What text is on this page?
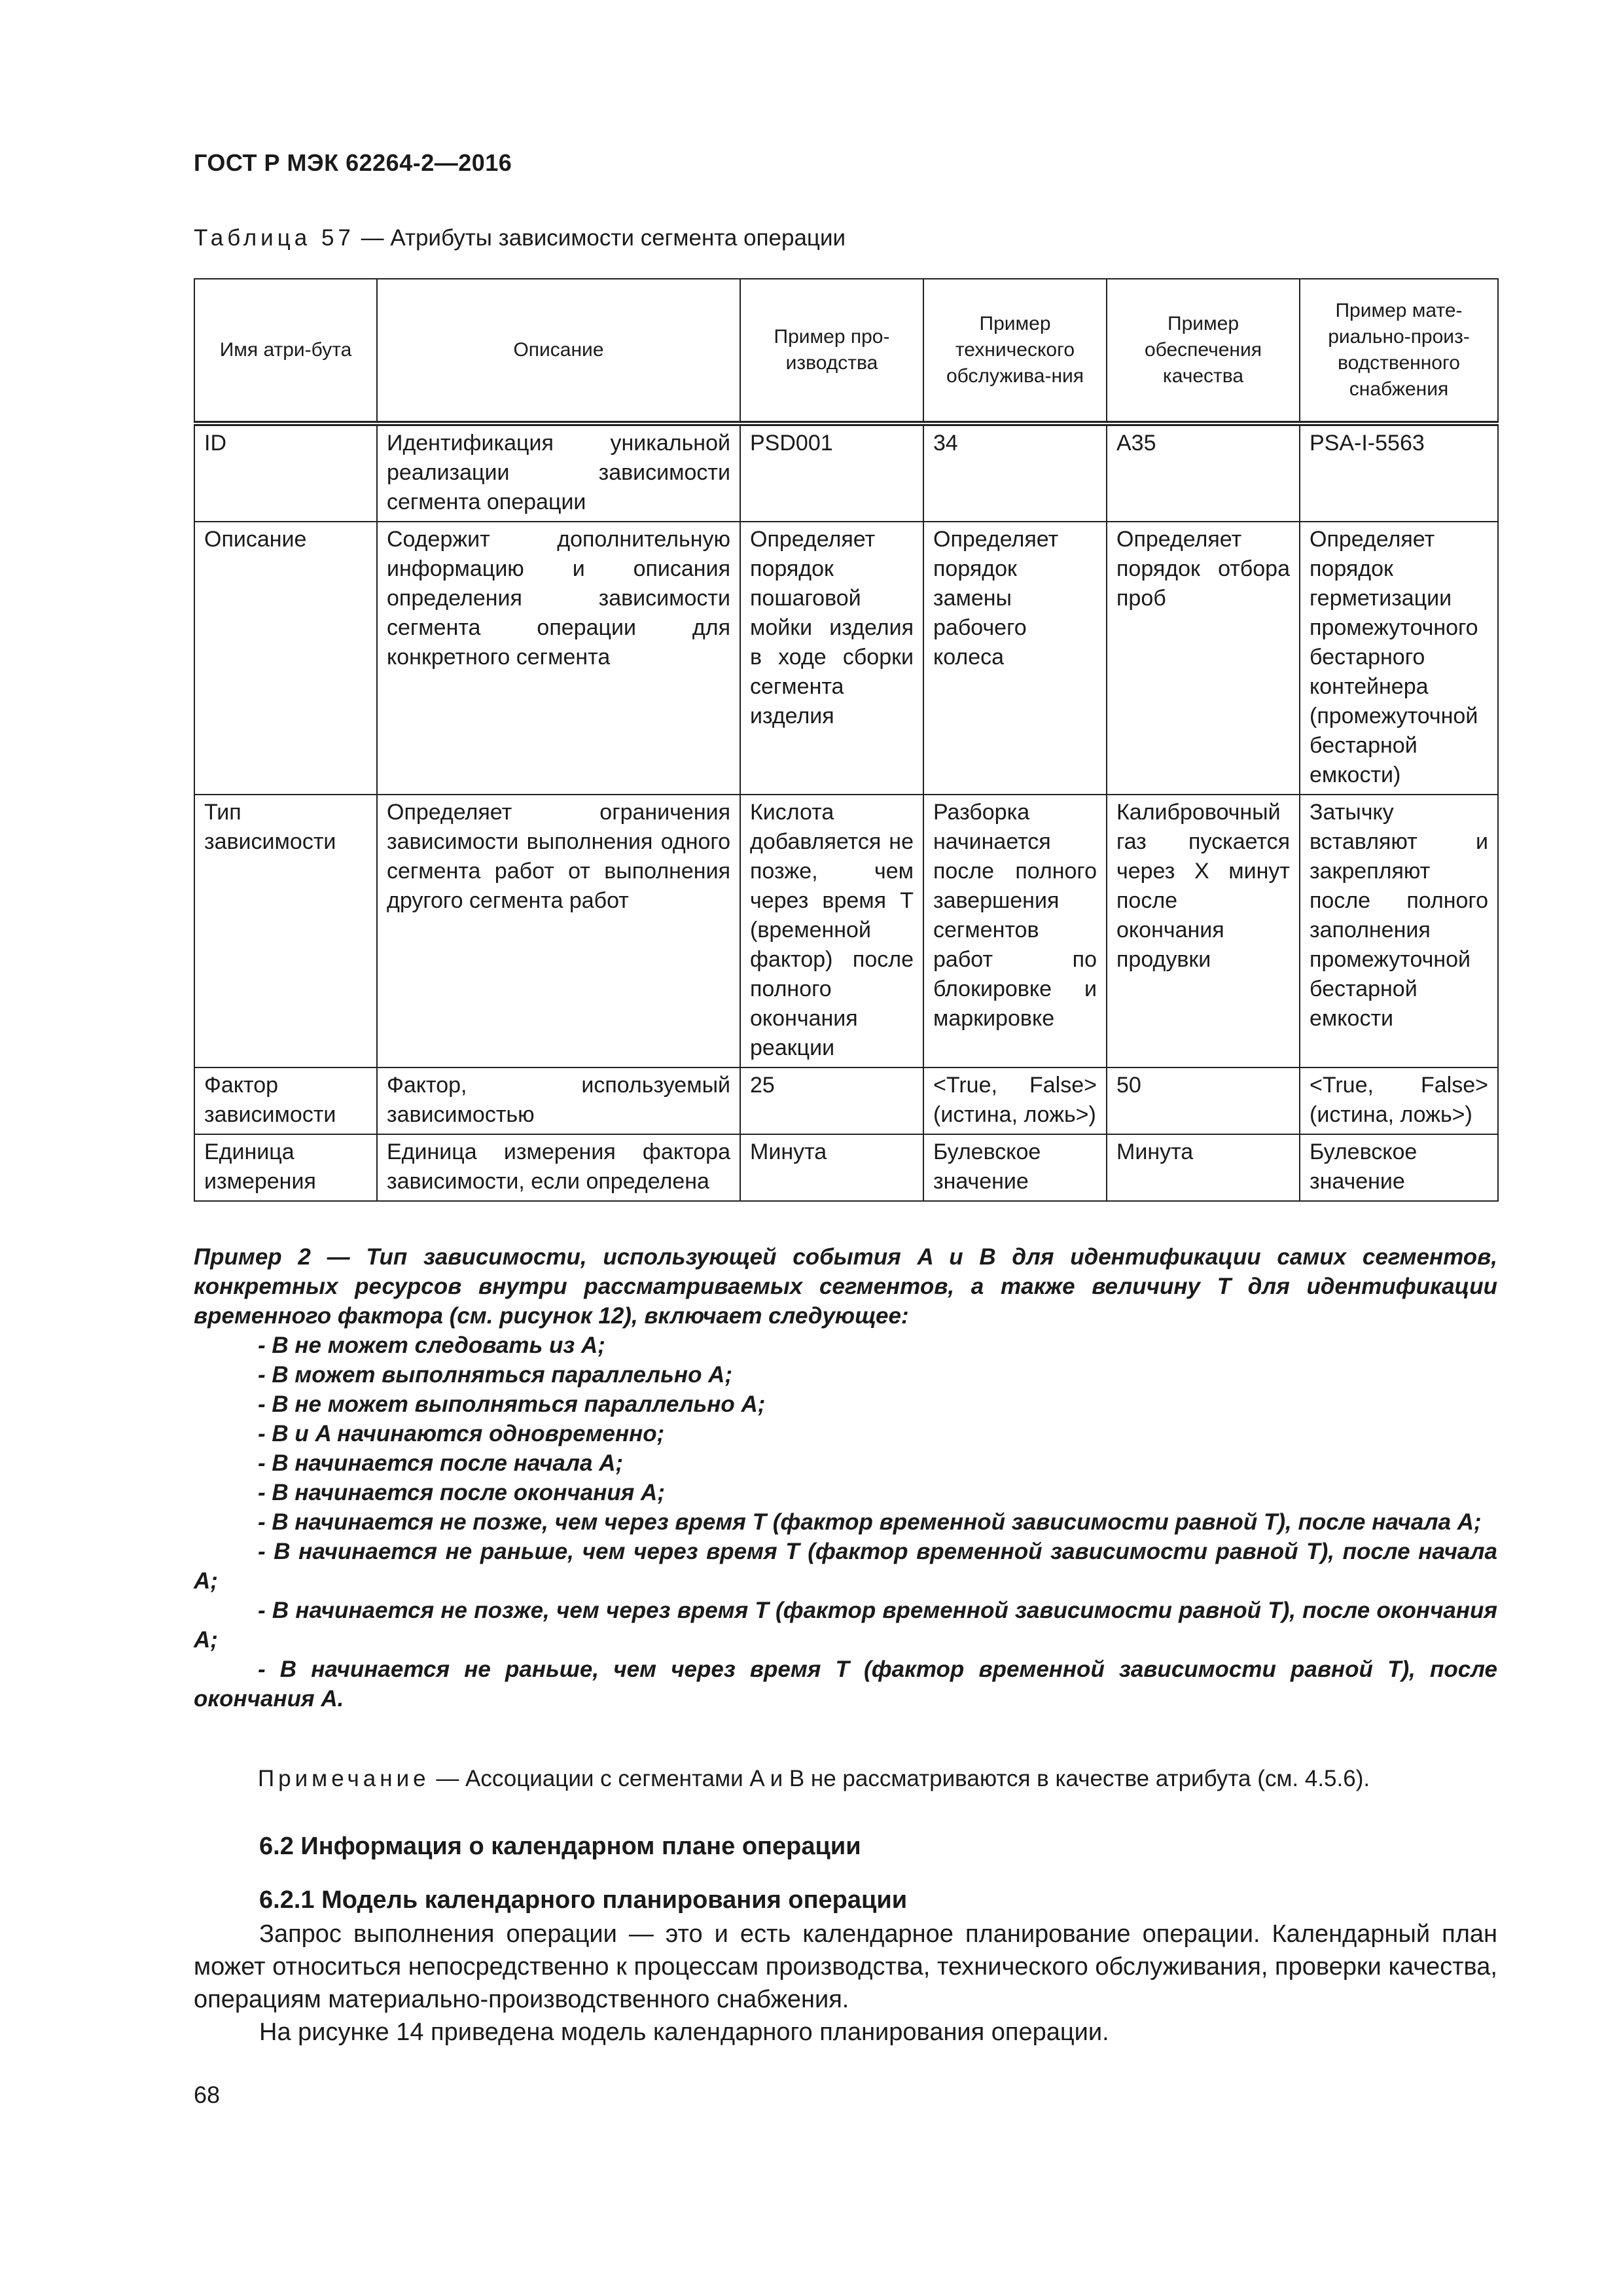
ГОСТ Р МЭК 62264-2—2016
Таблица 57 — Атрибуты зависимости сегмента операции
Имя атри-бута	Описание	Пример про-изводства	Пример технического обслужива-ния	Пример обеспечения качества	Пример мате-риально-произ-водственного снабжения
ID	Идентификация уникальной реализации зависимости сегмента операции	PSD001	34	A35	PSA-I-5563
Описание	Содержит дополнительную информацию и описания определения зависимости сегмента операции для конкретного сегмента	Определяет порядок пошаговой мойки изделия в ходе сборки сегмента изделия	Определяет порядок замены рабочего колеса	Определяет порядок отбора проб	Определяет порядок герметизации промежуточного бестарного контейнера (промежуточной бестарной емкости)
Тип зависимости	Определяет ограничения зависимости выполнения одного сегмента работ от выполнения другого сегмента работ	Кислота добавляется не позже, чем через время T (временной фактор) после полного окончания реакции	Разборка начинается после полного завершения сегментов работ по блокировке и маркировке	Калибровочный газ пускается через X минут после окончания продувки	Затычку вставляют и закрепляют после полного заполнения промежуточной бестарной емкости
Фактор зависимости	Фактор, используемый зависимостью	25	<True, False> (истина, ложь>)	50	<True, False> (истина, ложь>)
Единица измерения	Единица измерения фактора зависимости, если определена	Минута	Булевское значение	Минута	Булевское значение

Пример 2 — Тип зависимости, использующей события A и B для идентификации самих сегментов, конкретных ресурсов внутри рассматриваемых сегментов, а также величину T для идентификации временного фактора (см. рисунок 12), включает следующее:

- B не может следовать из A;

- B может выполняться параллельно A;

- B не может выполняться параллельно A;

- B и A начинаются одновременно;

- B начинается после начала A;

- B начинается после окончания A;

- B начинается не позже, чем через время T (фактор временной зависимости равной T), после начала A;

- B начинается не раньше, чем через время T (фактор временной зависимости равной T), после начала A;

- B начинается не позже, чем через время T (фактор временной зависимости равной T), после окончания A;

- B начинается не раньше, чем через время T (фактор временной зависимости равной T), после окончания A.

Примечание — Ассоциации с сегментами A и B не рассматриваются в качестве атрибута (см. 4.5.6).
6.2 Информация о календарном плане операции
6.2.1 Модель календарного планирования операции

Запрос выполнения операции — это и есть календарное планирование операции. Календарный план может относиться непосредственно к процессам производства, технического обслуживания, проверки качества, операциям материально-производственного снабжения.

На рисунке 14 приведена модель календарного планирования операции.

68
